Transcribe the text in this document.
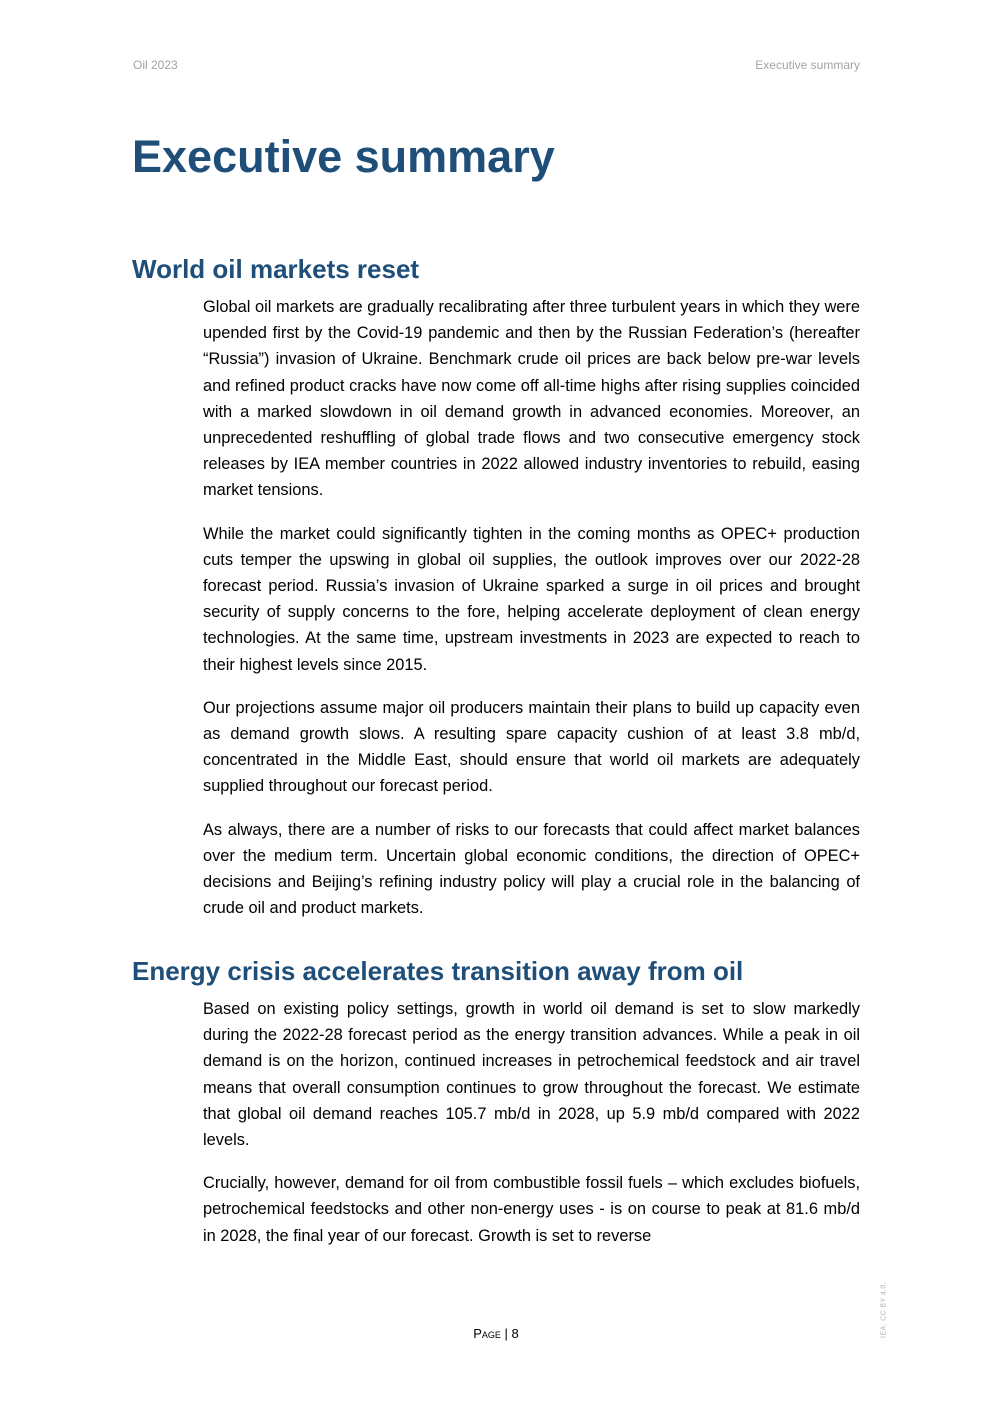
Oil 2023	Executive summary
Executive summary
World oil markets reset

Global oil markets are gradually recalibrating after three turbulent years in which they were upended first by the Covid-19 pandemic and then by the Russian Federation’s (hereafter “Russia”) invasion of Ukraine. Benchmark crude oil prices are back below pre-war levels and refined product cracks have now come off all-time highs after rising supplies coincided with a marked slowdown in oil demand growth in advanced economies. Moreover, an unprecedented reshuffling of global trade flows and two consecutive emergency stock releases by IEA member countries in 2022 allowed industry inventories to rebuild, easing market tensions.

While the market could significantly tighten in the coming months as OPEC+ production cuts temper the upswing in global oil supplies, the outlook improves over our 2022-28 forecast period. Russia’s invasion of Ukraine sparked a surge in oil prices and brought security of supply concerns to the fore, helping accelerate deployment of clean energy technologies. At the same time, upstream investments in 2023 are expected to reach to their highest levels since 2015.

Our projections assume major oil producers maintain their plans to build up capacity even as demand growth slows. A resulting spare capacity cushion of at least 3.8 mb/d, concentrated in the Middle East, should ensure that world oil markets are adequately supplied throughout our forecast period.

As always, there are a number of risks to our forecasts that could affect market balances over the medium term. Uncertain global economic conditions, the direction of OPEC+ decisions and Beijing’s refining industry policy will play a crucial role in the balancing of crude oil and product markets.

Energy crisis accelerates transition away from oil

Based on existing policy settings, growth in world oil demand is set to slow markedly during the 2022-28 forecast period as the energy transition advances. While a peak in oil demand is on the horizon, continued increases in petrochemical feedstock and air travel means that overall consumption continues to grow throughout the forecast. We estimate that global oil demand reaches 105.7 mb/d in 2028, up 5.9 mb/d compared with 2022 levels.

Crucially, however, demand for oil from combustible fossil fuels – which excludes biofuels, petrochemical feedstocks and other non-energy uses - is on course to peak at 81.6 mb/d in 2028, the final year of our forecast. Growth is set to reverse

Page | 8	IEA. CC BY 4.0.
